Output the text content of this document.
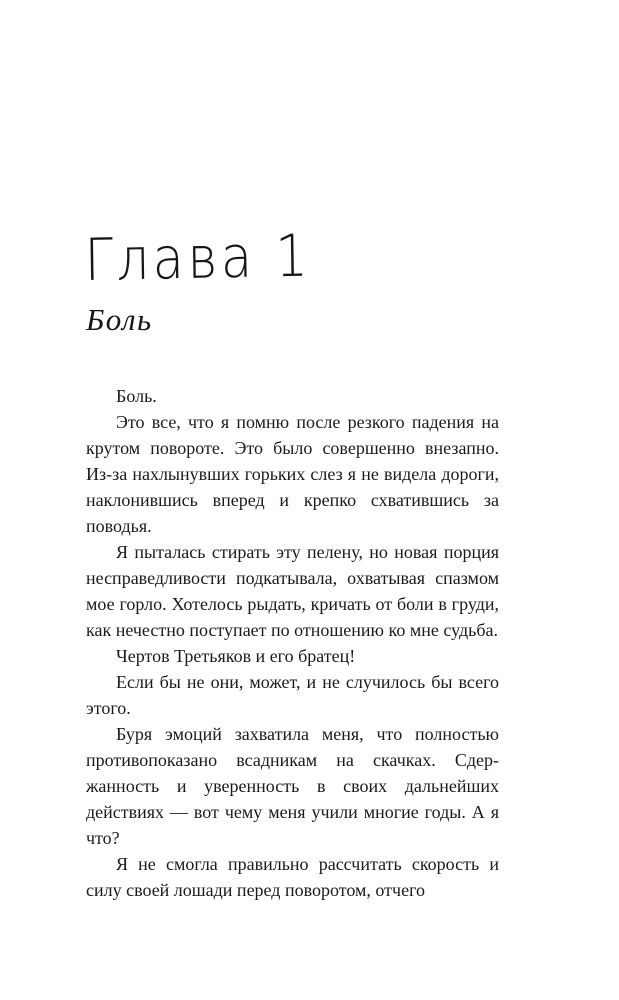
Глава 1
Боль

Боль.

Это все, что я помню после резкого падения на крутом повороте. Это было совершенно внезапно. Из-за нахлынувших горьких слез я не видела дороги, наклонившись вперед и крепко схватившись за поводья.

Я пыталась стирать эту пелену, но новая порция несправедливости подкатывала, охватывая спазмом мое горло. Хотелось рыдать, кричать от боли в груди, как нечестно поступает по отношению ко мне судьба.

Чертов Третьяков и его братец!

Если бы не они, может, и не случилось бы всего этого.

Буря эмоций захватила меня, что полностью противопоказано всадникам на скачках. Сдержанность и уверенность в своих дальнейших действиях — вот чему меня учили многие годы. А я что?

Я не смогла правильно рассчитать скорость и силу своей лошади перед поворотом, отчего
